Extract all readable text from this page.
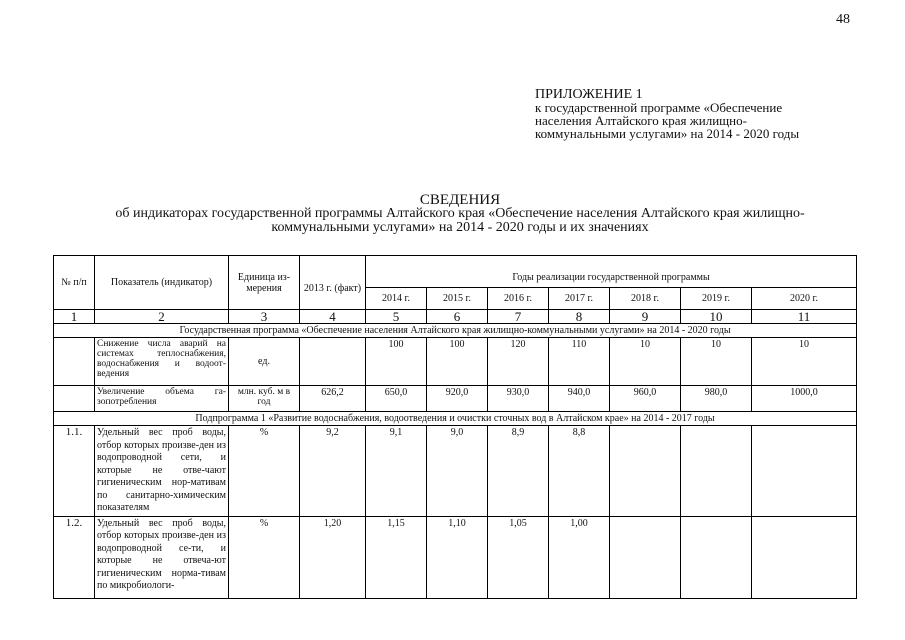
48
ПРИЛОЖЕНИЕ 1
к государственной программе «Обеспечение
населения Алтайского края жилищно-
коммунальными услугами» на 2014 - 2020 годы
СВЕДЕНИЯ
об индикаторах государственной программы Алтайского края «Обеспечение населения Алтайского края жилищно-
коммунальными услугами» на 2014 - 2020 годы и их значениях
№ п/п	Показатель (индикатор)	Единица из-мерения								
			2013 г. (факт)	Годы реализации государственной программы						
				2014 г.	2015 г.	2016 г.	2017 г.	2018 г.	2019 г.	2020 г.
1	2	3	4	5	6	7	8	9	10	11
Государственная программа «Обеспечение населения Алтайского края жилищно-коммунальными услугами» на 2014 - 2020 годы										
	Снижение числа аварий на системах теплоснабжения, водоснабжения и водоот-ведения	ед.		100	100	120	110	10	10	10
	Увеличение объема га-зопотребления	млн. куб. м в год	626,2	650,0	920,0	930,0	940,0	960,0	980,0	1000,0
Подпрограмма 1 «Развитие водоснабжения, водоотведения и очистки сточных вод в Алтайском крае» на 2014 - 2017 годы										
1.1.	Удельный вес проб воды, отбор которых произве-ден из водопроводной сети, и которые не отве-чают гигиеническим нор-мативам по санитарно-химическим показателям	%	9,2	9,1	9,0	8,9	8,8			
1.2.	Удельный вес проб воды, отбор которых произве-ден из водопроводной се-ти, и которые не отвеча-ют гигиеническим норма-тивам по микробиологи-	%	1,20	1,15	1,10	1,05	1,00			
